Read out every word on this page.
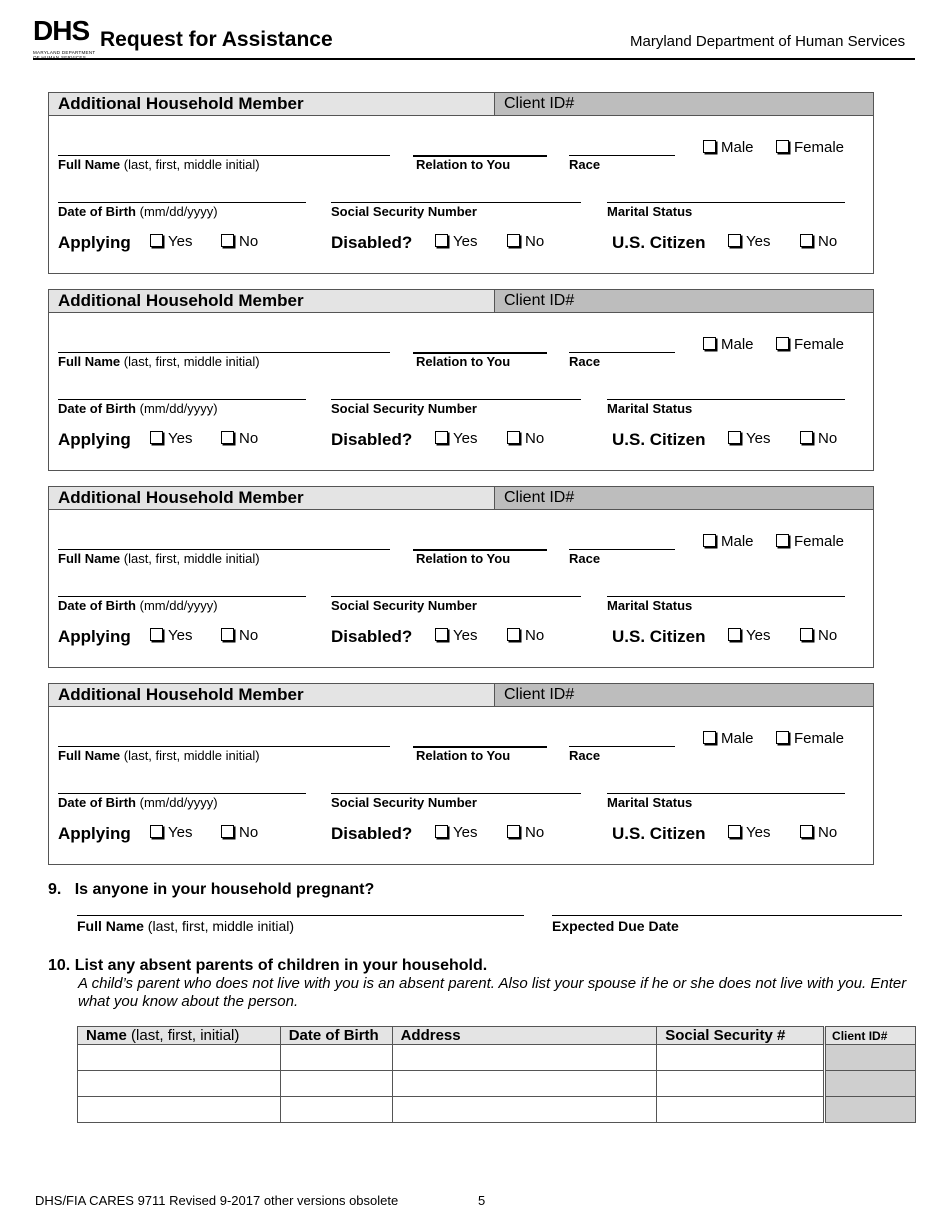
DHS
MARYLAND DEPARTMENT OF HUMAN SERVICES
Request for Assistance	Maryland Department of Human Services
Additional Household Member	Client ID#
Full Name (last, first, middle initial)	Relation to You	Race
Male	Female
Date of Birth (mm/dd/yyyy)	Social Security Number	Marital Status
Applying	Yes	No	Disabled?	Yes	No	U.S. Citizen	Yes	No
Additional Household Member	Client ID#
Full Name (last, first, middle initial)	Relation to You	Race
Male	Female
Date of Birth (mm/dd/yyyy)	Social Security Number	Marital Status
Applying	Yes	No	Disabled?	Yes	No	U.S. Citizen	Yes	No
Additional Household Member	Client ID#
Full Name (last, first, middle initial)	Relation to You	Race
Male	Female
Date of Birth (mm/dd/yyyy)	Social Security Number	Marital Status
Applying	Yes	No	Disabled?	Yes	No	U.S. Citizen	Yes	No
Additional Household Member	Client ID#
Full Name (last, first, middle initial)	Relation to You	Race
Male	Female
Date of Birth (mm/dd/yyyy)	Social Security Number	Marital Status
Applying	Yes	No	Disabled?	Yes	No	U.S. Citizen	Yes	No
9. Is anyone in your household pregnant?
Full Name (last, first, middle initial)	Expected Due Date
10. List any absent parents of children in your household.
A child’s parent who does not live with you is an absent parent. Also list your spouse if he or she does not live with you. Enter what you know about the person.
Name (last, first, initial)	Date of Birth	Address	Social Security #	Client ID#

DHS/FIA CARES 9711 Revised 9-2017 other versions obsolete	5
